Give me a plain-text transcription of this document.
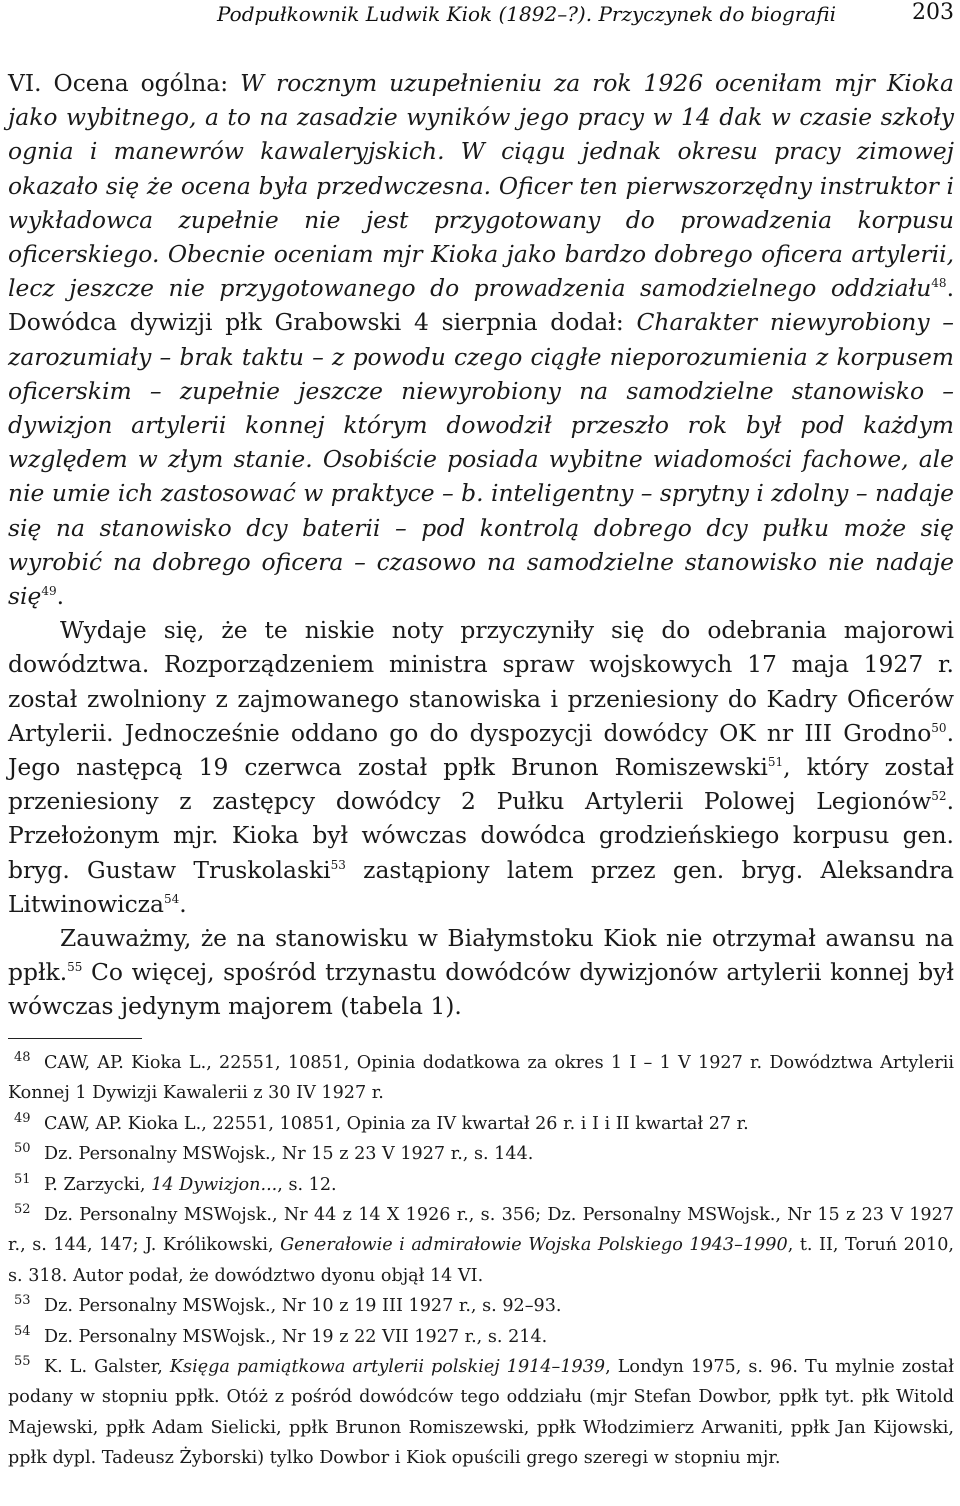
Podpułkownik Ludwik Kiok (1892–?). Przyczynek do biografii	203

VI. Ocena ogólna: W rocznym uzupełnieniu za rok 1926 oceniłam mjr Kioka jako wybitnego, a to na zasadzie wyników jego pracy w 14 dak w czasie szkoły ognia i manewrów kawaleryjskich. W ciągu jednak okresu pracy zimowej okazało się że ocena była przedwczesna. Oficer ten pierwszorzędny instruktor i wykładowca zupełnie nie jest przygotowany do prowadzenia korpusu oficerskiego. Obecnie oceniam mjr Kioka jako bardzo dobrego oficera artylerii, lecz jeszcze nie przygotowanego do prowadzenia samodzielnego oddziału$^{48}$. Dowódca dywizji płk Grabowski 4 sierpnia dodał: Charakter niewyrobiony – zarozumiały – brak taktu – z powodu czego ciągłe nieporozumienia z korpusem oficerskim – zupełnie jeszcze niewyrobiony na samodzielne stanowisko – dywizjon artylerii konnej którym dowodził przeszło rok był pod każdym względem w złym stanie. Osobiście posiada wybitne wiadomości fachowe, ale nie umie ich zastosować w praktyce – b. inteligentny – sprytny i zdolny – nadaje się na stanowisko dcy baterii – pod kontrolą dobrego dcy pułku może się wyrobić na dobrego oficera – czasowo na samodzielne stanowisko nie nadaje się$^{49}$.

Wydaje się, że te niskie noty przyczyniły się do odebrania majorowi dowództwa. Rozporządzeniem ministra spraw wojskowych 17 maja 1927 r. został zwolniony z zajmowanego stanowiska i przeniesiony do Kadry Oficerów Artylerii. Jednocześnie oddano go do dyspozycji dowódcy OK nr III Grodno$^{50}$. Jego następcą 19 czerwca został ppłk Brunon Romiszewski$^{51}$, który został przeniesiony z zastępcy dowódcy 2 Pułku Artylerii Polowej Legionów$^{52}$. Przełożonym mjr. Kioka był wówczas dowódca grodzieńskiego korpusu gen. bryg. Gustaw Truskolaski$^{53}$ zastąpiony latem przez gen. bryg. Aleksandra Litwinowicza$^{54}$.

Zauważmy, że na stanowisku w Białymstoku Kiok nie otrzymał awansu na ppłk.$^{55}$ Co więcej, spośród trzynastu dowódców dywizjonów artylerii konnej był wówczas jedynym majorem (tabela 1).

48 CAW, AP. Kioka L., 22551, 10851, Opinia dodatkowa za okres 1 I – 1 V 1927 r. Dowództwa Artylerii Konnej 1 Dywizji Kawalerii z 30 IV 1927 r.

49 CAW, AP. Kioka L., 22551, 10851, Opinia za IV kwartał 26 r. i I i II kwartał 27 r.

50 Dz. Personalny MSWojsk., Nr 15 z 23 V 1927 r., s. 144.

51 P. Zarzycki, 14 Dywizjon..., s. 12.

52 Dz. Personalny MSWojsk., Nr 44 z 14 X 1926 r., s. 356; Dz. Personalny MSWojsk., Nr 15 z 23 V 1927 r., s. 144, 147; J. Królikowski, Generałowie i admirałowie Wojska Polskiego 1943–1990, t. II, Toruń 2010, s. 318. Autor podał, że dowództwo dyonu objął 14 VI.

53 Dz. Personalny MSWojsk., Nr 10 z 19 III 1927 r., s. 92–93.

54 Dz. Personalny MSWojsk., Nr 19 z 22 VII 1927 r., s. 214.

55 K. L. Galster, Księga pamiątkowa artylerii polskiej 1914–1939, Londyn 1975, s. 96. Tu mylnie został podany w stopniu ppłk. Otóż z pośród dowódców tego oddziału (mjr Stefan Dowbor, ppłk tyt. płk Witold Majewski, ppłk Adam Sielicki, ppłk Brunon Romiszewski, ppłk Włodzimierz Arwaniti, ppłk Jan Kijowski, ppłk dypl. Tadeusz Żyborski) tylko Dowbor i Kiok opuścili grego szeregi w stopniu mjr.
